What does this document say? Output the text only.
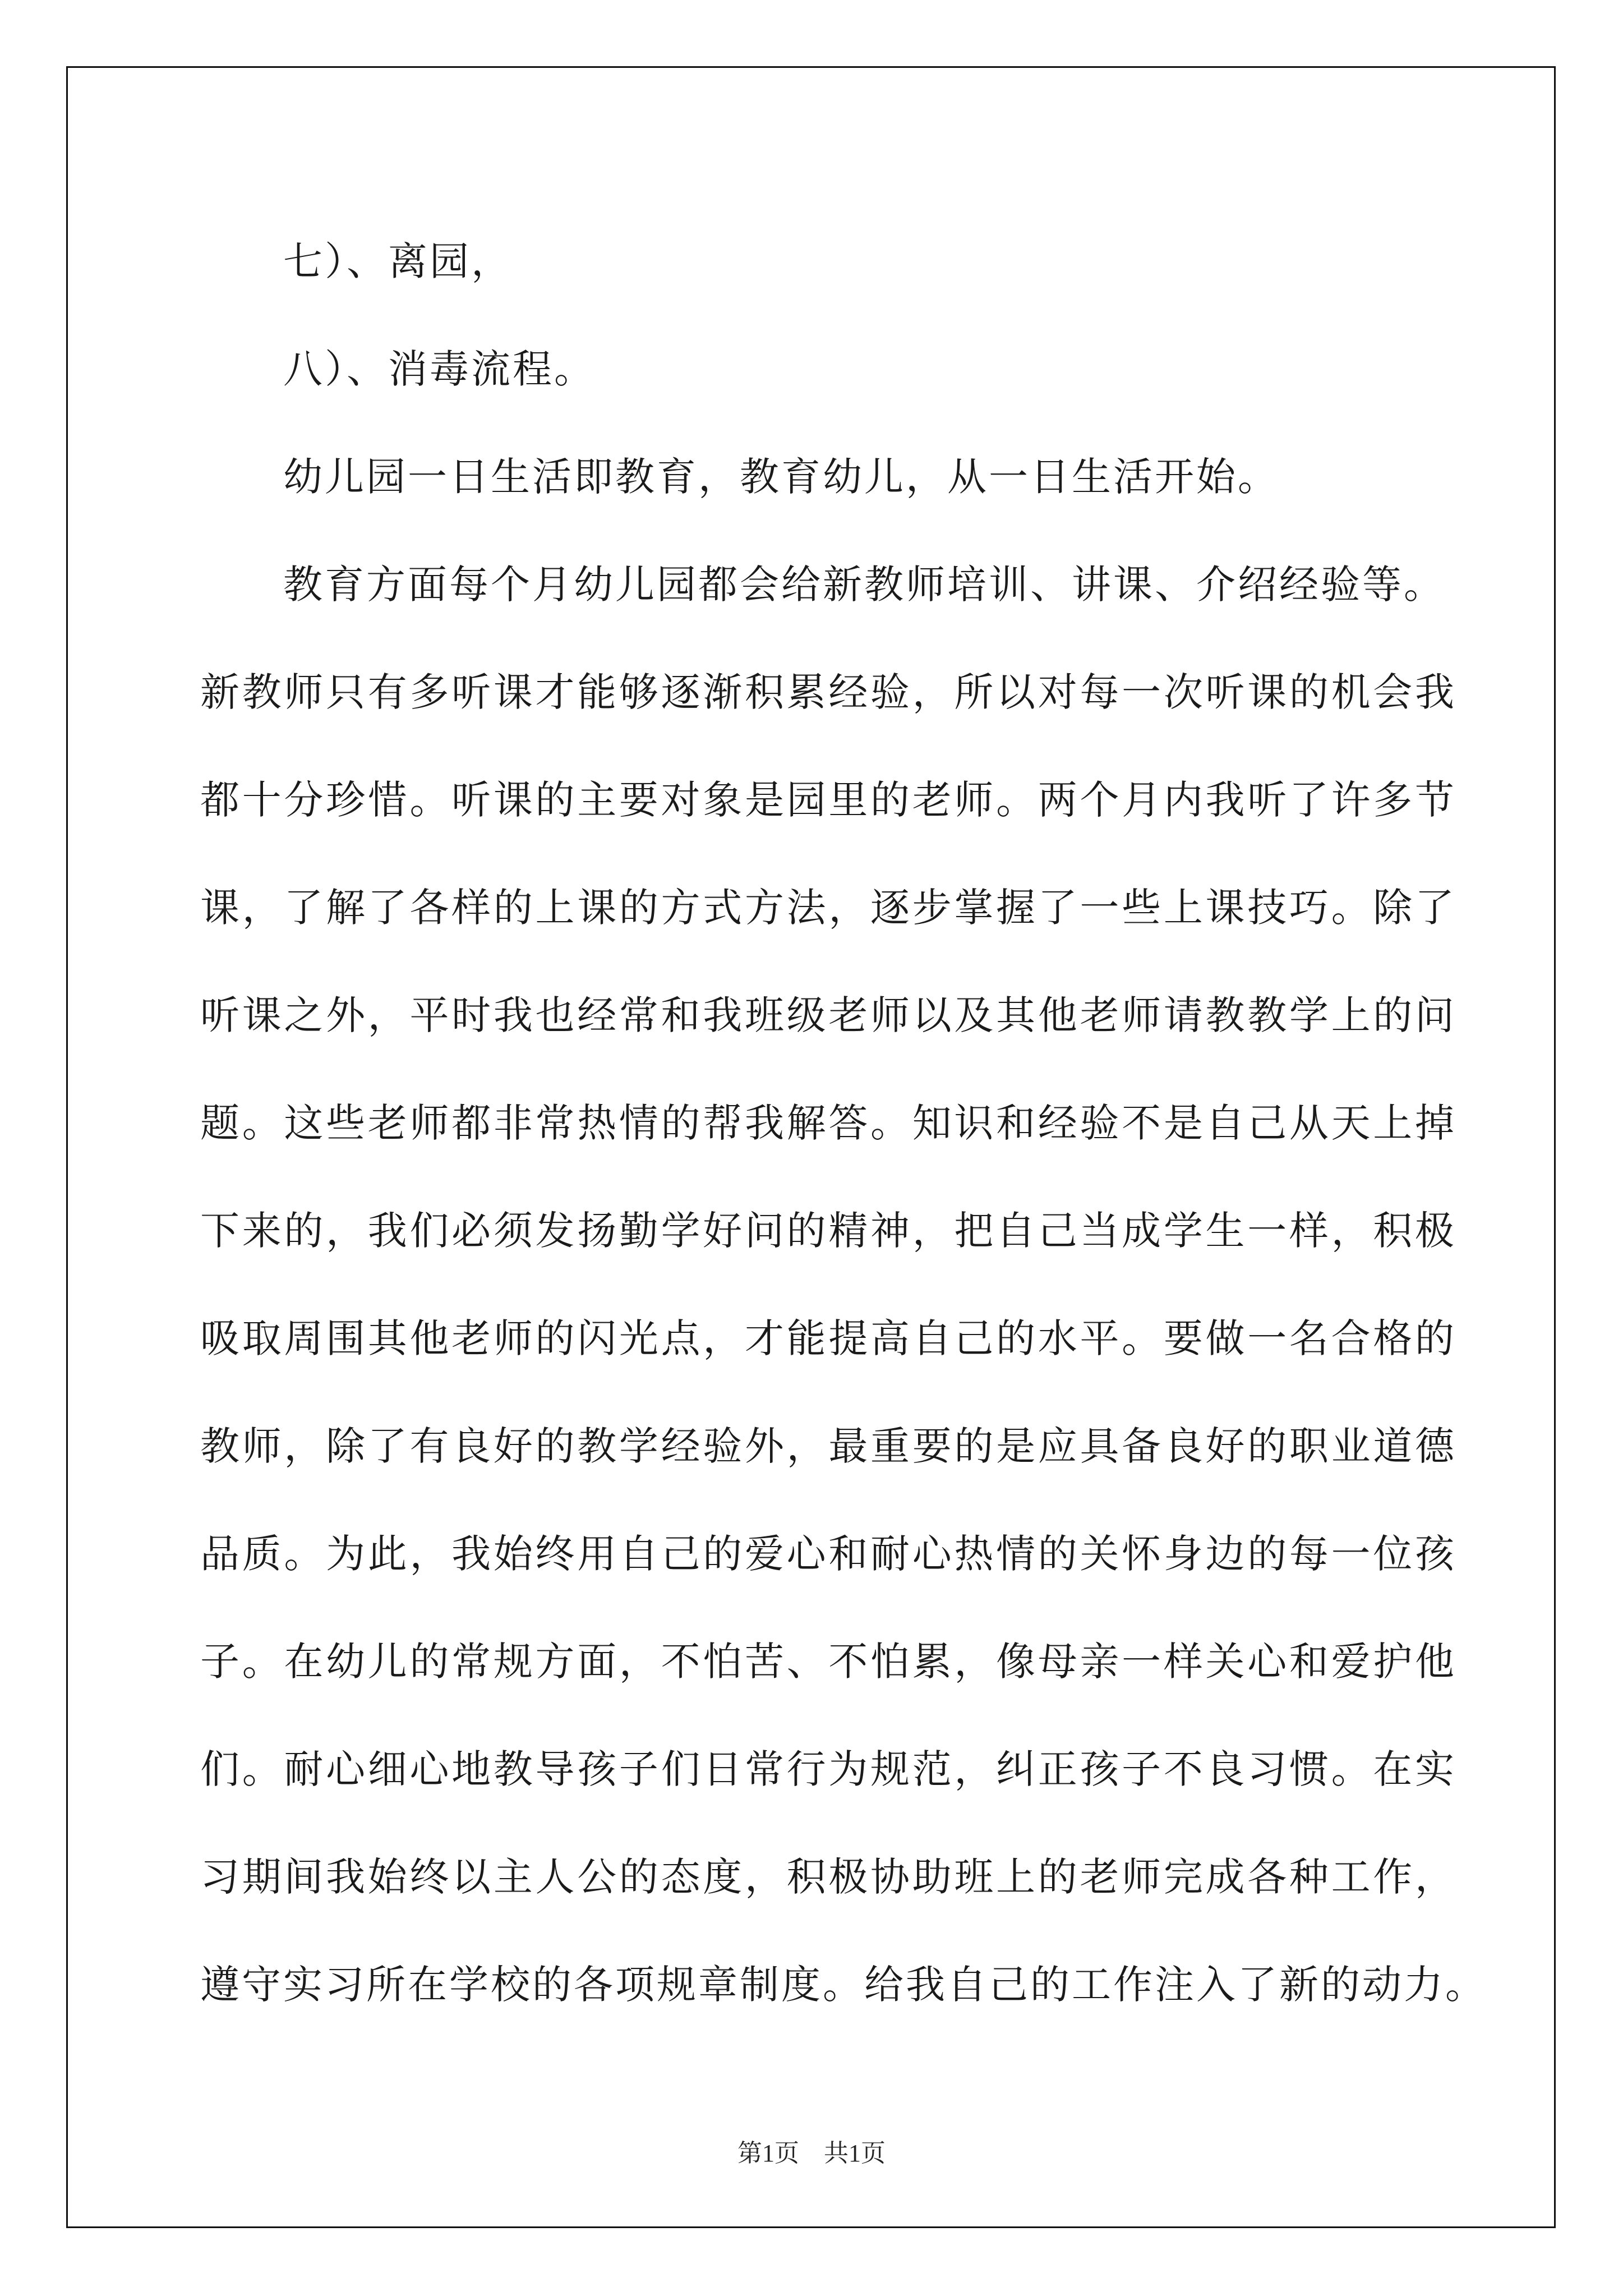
七）、离园，
八）、消毒流程。
幼儿园一日生活即教育，教育幼儿，从一日生活开始。
教育方面每个月幼儿园都会给新教师培训、讲课、介绍经验等。
新教师只有多听课才能够逐渐积累经验，所以对每一次听课的机会我
都十分珍惜。听课的主要对象是园里的老师。两个月内我听了许多节
课，了解了各样的上课的方式方法，逐步掌握了一些上课技巧。除了
听课之外，平时我也经常和我班级老师以及其他老师请教教学上的问
题。这些老师都非常热情的帮我解答。知识和经验不是自己从天上掉
下来的，我们必须发扬勤学好问的精神，把自己当成学生一样，积极
吸取周围其他老师的闪光点，才能提高自己的水平。要做一名合格的
教师，除了有良好的教学经验外，最重要的是应具备良好的职业道德
品质。为此，我始终用自己的爱心和耐心热情的关怀身边的每一位孩
子。在幼儿的常规方面，不怕苦、不怕累，像母亲一样关心和爱护他
们。耐心细心地教导孩子们日常行为规范，纠正孩子不良习惯。在实
习期间我始终以主人公的态度，积极协助班上的老师完成各种工作，
遵守实习所在学校的各项规章制度。给我自己的工作注入了新的动力。
第1页 共1页
